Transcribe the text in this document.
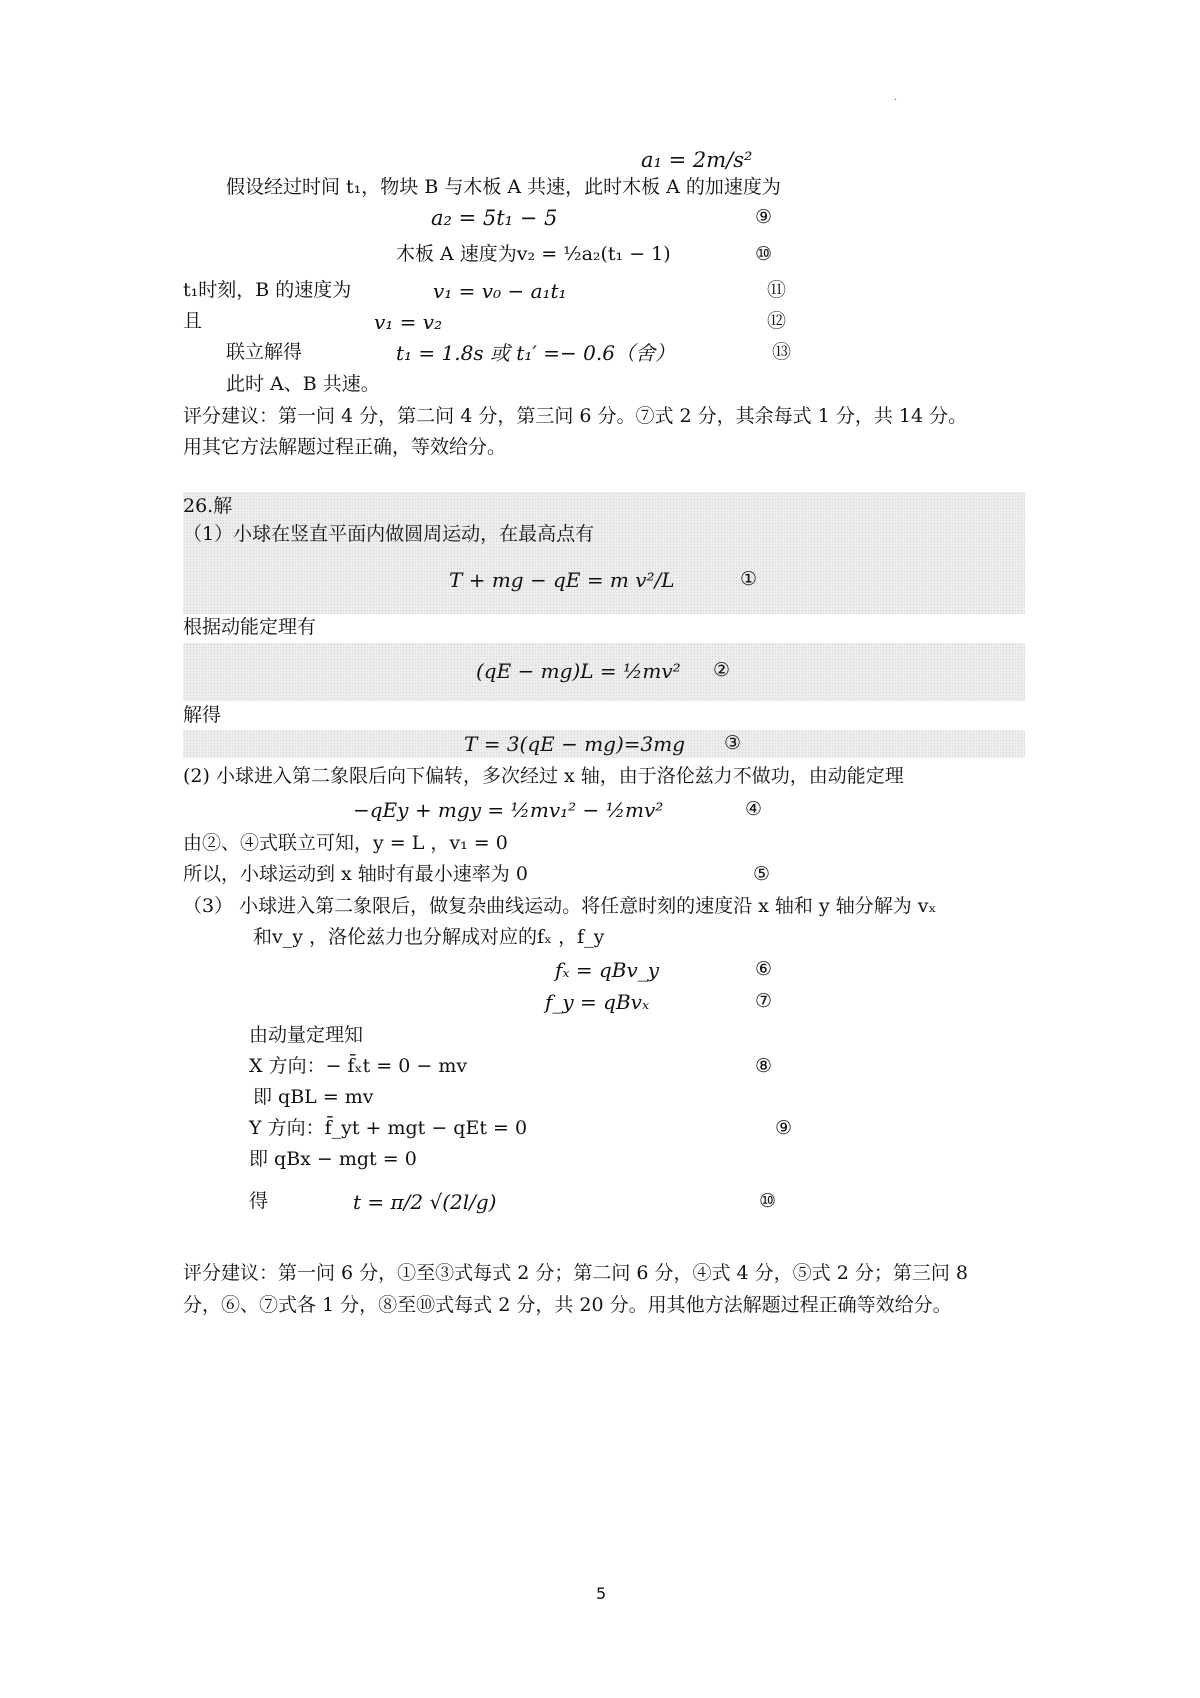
·
a₁ = 2m/s²
假设经过时间 t₁，物块 B 与木板 A 共速，此时木板 A 的加速度为
a₂ = 5t₁ − 5	⑨
木板 A 速度为v₂ = ½a₂(t₁ − 1)	⑩
t₁时刻，B 的速度为	v₁ = v₀ − a₁t₁	⑪
且	v₁ = v₂	⑫
联立解得	t₁ = 1.8s 或 t₁′ =− 0.6（舍）	⑬
此时 A、B 共速。
评分建议：第一问 4 分，第二问 4 分，第三问 6 分。⑦式 2 分，其余每式 1 分，共 14 分。
用其它方法解题过程正确，等效给分。
26.解
（1）小球在竖直平面内做圆周运动，在最高点有
T + mg − qE = m v²/L	①
根据动能定理有
(qE − mg)L = ½mv² ②
解得
T = 3(qE − mg)=3mg ③
(2) 小球进入第二象限后向下偏转，多次经过 x 轴，由于洛伦兹力不做功，由动能定理
−qEy + mgy = ½mv₁² − ½mv²	④
由②、④式联立可知，y = L ，v₁ = 0
所以，小球运动到 x 轴时有最小速率为 0	⑤
（3） 小球进入第二象限后，做复杂曲线运动。将任意时刻的速度沿 x 轴和 y 轴分解为 vₓ
和v_y ，洛伦兹力也分解成对应的fₓ ，f_y
fₓ = qBv_y	⑥
f_y = qBvₓ	⑦
由动量定理知
X 方向：− f̄ₓt = 0 − mv	⑧
即 qBL = mv
Y 方向：f̄_yt + mgt − qEt = 0	⑨
即 qBx − mgt = 0
得	t = π/2 √(2l/g)	⑩
评分建议：第一问 6 分，①至③式每式 2 分；第二问 6 分，④式 4 分，⑤式 2 分；第三问 8
分，⑥、⑦式各 1 分，⑧至⑩式每式 2 分，共 20 分。用其他方法解题过程正确等效给分。
5
